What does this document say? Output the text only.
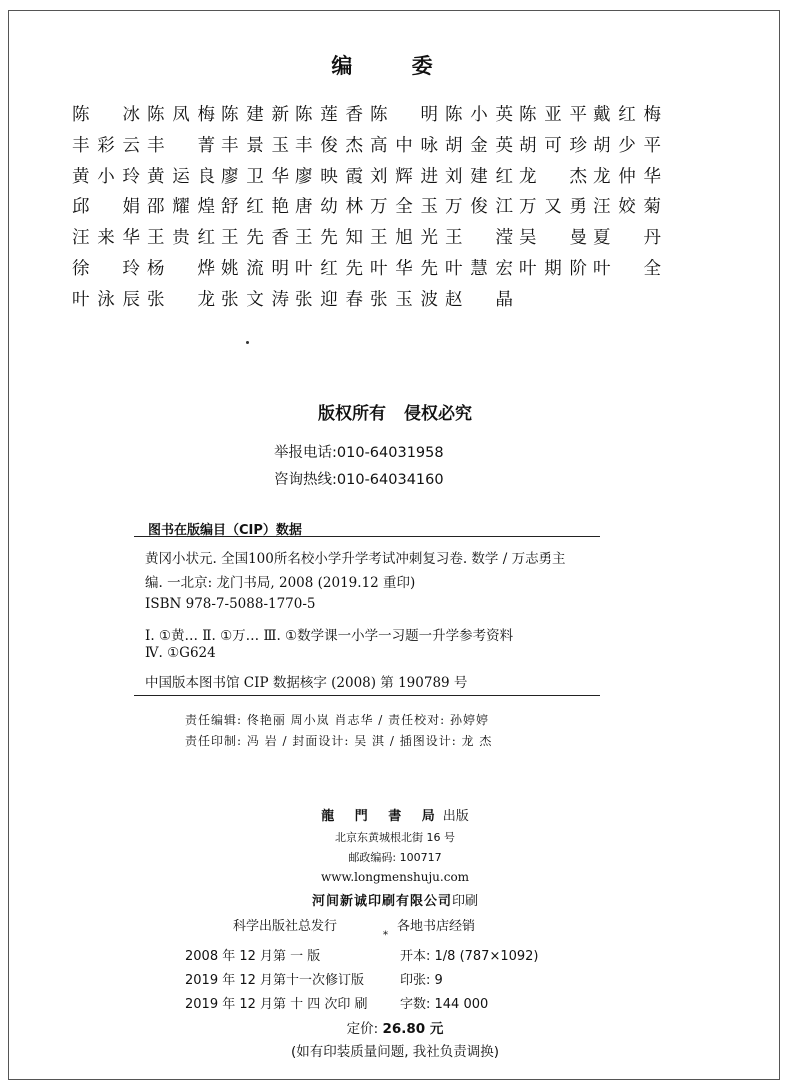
编 委
陈 冰 陈凤梅 陈建新 陈莲香 陈 明 陈小英 陈亚平 戴红梅
丰彩云 丰 菁 丰景玉 丰俊杰 高中咏 胡金英 胡可珍 胡少平
黄小玲 黄运良 廖卫华 廖映霞 刘辉进 刘建红 龙 杰 龙仲华
邱 娟 邵耀煌 舒红艳 唐幼林 万全玉 万俊江 万又勇 汪姣菊
汪来华 王贵红 王先香 王先知 王旭光 王 滢 吴 曼 夏 丹
徐 玲 杨 烨 姚流明 叶红先 叶华先 叶慧宏 叶期阶 叶 全
叶泳辰 张 龙 张文涛 张迎春 张玉波 赵 晶
版权所有 侵权必究
举报电话:010-64031958
咨询热线:010-64034160
图书在版编目（CIP）数据
黄冈小状元. 全国100所名校小学升学考试冲刺复习卷. 数学 / 万志勇主
编. 一北京: 龙门书局, 2008 (2019.12 重印)
ISBN 978-7-5088-1770-5
Ⅰ. ①黄… Ⅱ. ①万… Ⅲ. ①数学课一小学一习题一升学参考资料
Ⅳ. ①G624
中国版本图书馆 CIP 数据核字 (2008) 第 190789 号
责任编辑: 佟艳丽 周小岚 肖志华 / 责任校对: 孙婷婷
责任印制: 冯 岩 / 封面设计: 吴 淇 / 插图设计: 龙 杰
龍 門 書 局出版
北京东黄城根北街 16 号
邮政编码: 100717
www.longmenshuju.com
河间新诚印刷有限公司印刷
科学出版社总发行	各地书店经销
*
2008 年 12 月第 一 版	开本: 1/8 (787×1092)
2019 年 12 月第十一次修订版	印张: 9
2019 年 12 月第 十 四 次印 刷 字数: 144 000
定价: 26.80 元
(如有印装质量问题, 我社负责调换)
